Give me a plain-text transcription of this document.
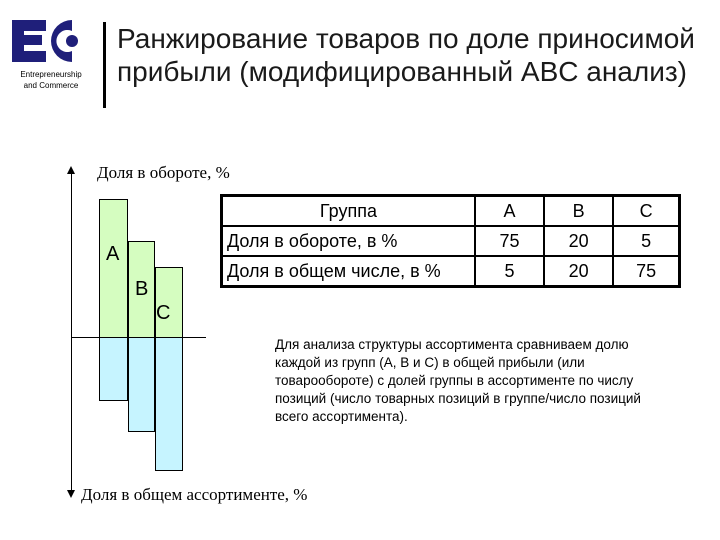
Entrepreneurship
and Commerce
Ранжирование товаров по доле приносимой
прибыли (модифицированный ABC анализ)
Доля в обороте, %
A
B
C
Доля в общем ассортименте, %
Группа	A	B	C
Доля в обороте, в %	75	20	5
Доля в общем числе, в %	5	20	75

Для анализа структуры ассортимента сравниваем долю каждой из групп (A, B и C) в общей прибыли (или товарообороте) с долей группы в ассортименте по числу позиций (число товарных позиций в группе/число позиций всего ассортимента).
